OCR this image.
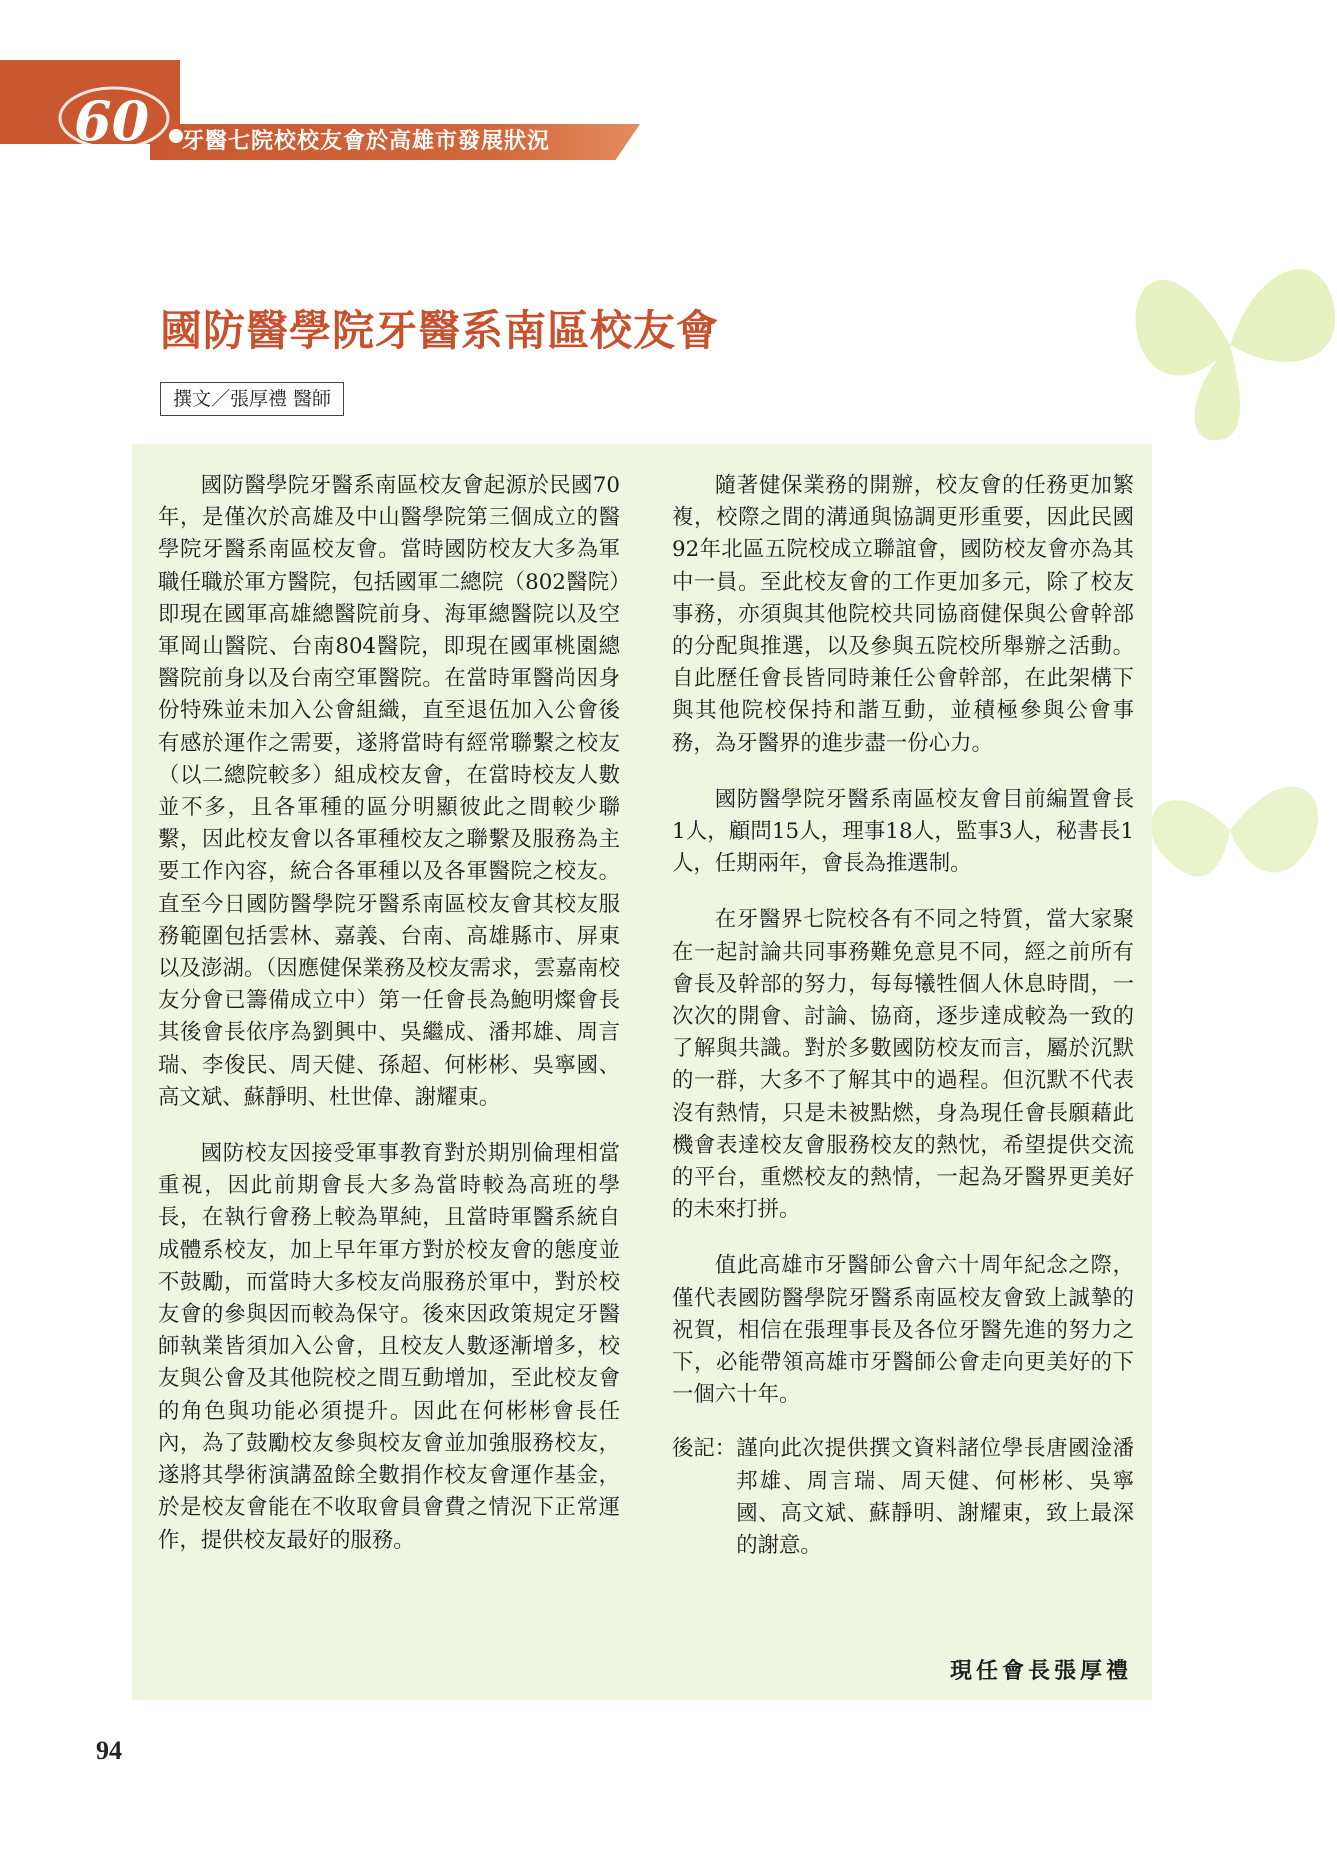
60 牙醫七院校校友會於高雄市發展狀況
國防醫學院牙醫系南區校友會
撰文／張厚禮 醫師

國防醫學院牙醫系南區校友會起源於民國70年，是僅次於高雄及中山醫學院第三個成立的醫學院牙醫系南區校友會。當時國防校友大多為軍職任職於軍方醫院，包括國軍二總院（802醫院）即現在國軍高雄總醫院前身、海軍總醫院以及空軍岡山醫院、台南804醫院，即現在國軍桃園總醫院前身以及台南空軍醫院。在當時軍醫尚因身份特殊並未加入公會組織，直至退伍加入公會後有感於運作之需要，遂將當時有經常聯繫之校友（以二總院較多）組成校友會，在當時校友人數並不多，且各軍種的區分明顯彼此之間較少聯繫，因此校友會以各軍種校友之聯繫及服務為主要工作內容，統合各軍種以及各軍醫院之校友。直至今日國防醫學院牙醫系南區校友會其校友服務範圍包括雲林、嘉義、台南、高雄縣市、屏東以及澎湖。（因應健保業務及校友需求，雲嘉南校友分會已籌備成立中）第一任會長為鮑明燦會長其後會長依序為劉興中、吳繼成、潘邦雄、周言瑞、李俊民、周天健、孫超、何彬彬、吳寧國、高文斌、蘇靜明、杜世偉、謝耀東。

國防校友因接受軍事教育對於期別倫理相當重視，因此前期會長大多為當時較為高班的學長，在執行會務上較為單純，且當時軍醫系統自成體系校友，加上早年軍方對於校友會的態度並不鼓勵，而當時大多校友尚服務於軍中，對於校友會的參與因而較為保守。後來因政策規定牙醫師執業皆須加入公會，且校友人數逐漸增多，校友與公會及其他院校之間互動增加，至此校友會的角色與功能必須提升。因此在何彬彬會長任內，為了鼓勵校友參與校友會並加強服務校友，遂將其學術演講盈餘全數捐作校友會運作基金，於是校友會能在不收取會員會費之情況下正常運作，提供校友最好的服務。

隨著健保業務的開辦，校友會的任務更加繁複，校際之間的溝通與協調更形重要，因此民國92年北區五院校成立聯誼會，國防校友會亦為其中一員。至此校友會的工作更加多元，除了校友事務，亦須與其他院校共同協商健保與公會幹部的分配與推選，以及參與五院校所舉辦之活動。自此歷任會長皆同時兼任公會幹部，在此架構下與其他院校保持和諧互動，並積極參與公會事務，為牙醫界的進步盡一份心力。

國防醫學院牙醫系南區校友會目前編置會長1人，顧問15人，理事18人，監事3人，秘書長1人，任期兩年，會長為推選制。

在牙醫界七院校各有不同之特質，當大家聚在一起討論共同事務難免意見不同，經之前所有會長及幹部的努力，每每犧牲個人休息時間，一次次的開會、討論、協商，逐步達成較為一致的了解與共識。對於多數國防校友而言，屬於沉默的一群，大多不了解其中的過程。但沉默不代表沒有熱情，只是未被點燃，身為現任會長願藉此機會表達校友會服務校友的熱忱，希望提供交流的平台，重燃校友的熱情，一起為牙醫界更美好的未來打拼。

值此高雄市牙醫師公會六十周年紀念之際，僅代表國防醫學院牙醫系南區校友會致上誠摯的祝賀，相信在張理事長及各位牙醫先進的努力之下，必能帶領高雄市牙醫師公會走向更美好的下一個六十年。

後記： 謹向此次提供撰文資料諸位學長唐國淦潘邦雄、周言瑞、周天健、何彬彬、吳寧國、高文斌、蘇靜明、謝耀東，致上最深的謝意。
現任會長張厚禮
94
